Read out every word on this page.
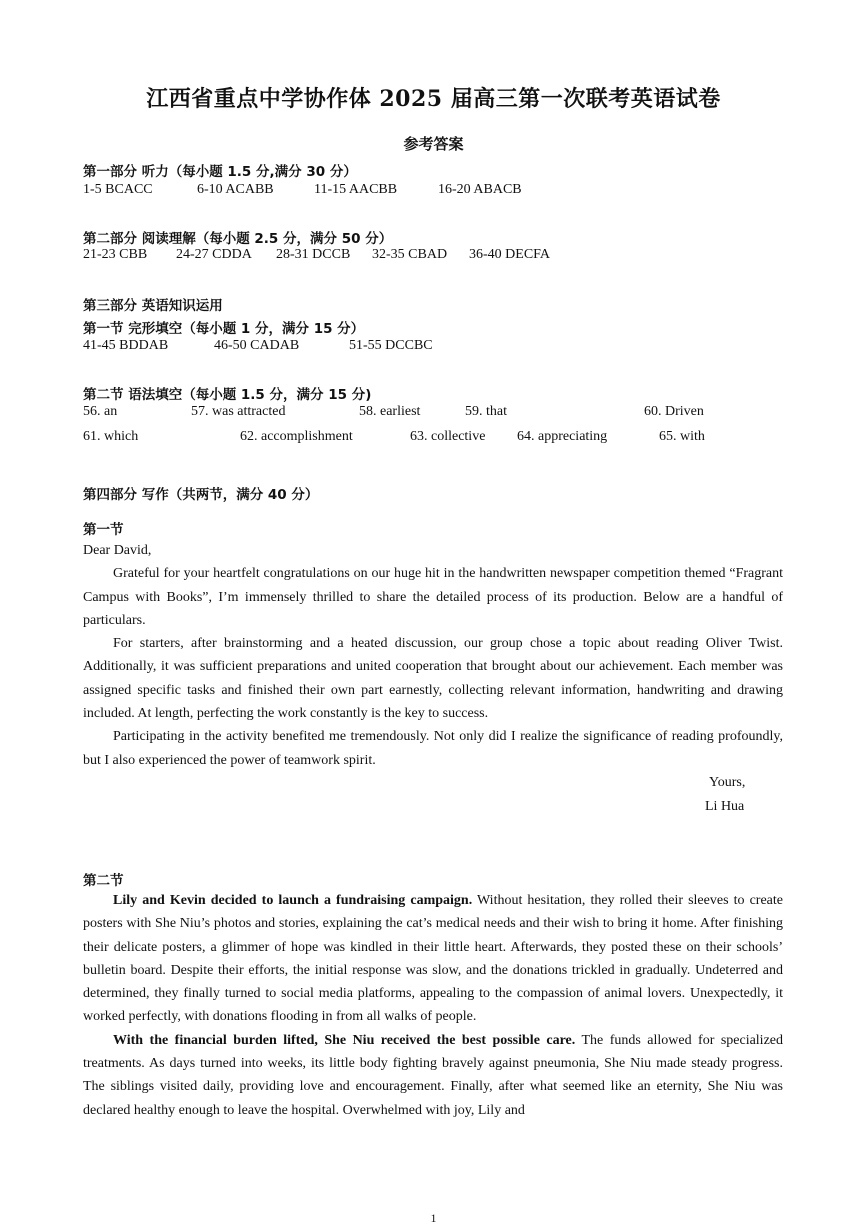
江西省重点中学协作体 2025 届高三第一次联考英语试卷
参考答案
第一部分 听力（每小题 1.5 分,满分 30 分）
1-5 BCACC	6-10 ACABB	11-15 AACBB	16-20 ABACB
第二部分 阅读理解（每小题 2.5 分，满分 50 分）
21-23 CBB 24-27 CDDA 28-31 DCCB 32-35 CBAD 36-40 DECFA
第三部分 英语知识运用
第一节 完形填空（每小题 1 分，满分 15 分）
41-45 BDDAB	46-50 CADAB	51-55 DCCBC
第二节 语法填空（每小题 1.5 分，满分 15 分)
56. an	57. was attracted	58. earliest	59. that	60. Driven
61. which	62. accomplishment	63. collective 64. appreciating	65. with
第四部分 写作（共两节，满分 40 分）
第一节

Dear David,

Grateful for your heartfelt congratulations on our huge hit in the handwritten newspaper competition themed “Fragrant Campus with Books”, I’m immensely thrilled to share the detailed process of its production. Below are a handful of particulars.

For starters, after brainstorming and a heated discussion, our group chose a topic about reading Oliver Twist. Additionally, it was sufficient preparations and united cooperation that brought about our achievement. Each member was assigned specific tasks and finished their own part earnestly, collecting relevant information, handwriting and drawing included. At length, perfecting the work constantly is the key to success.

Participating in the activity benefited me tremendously. Not only did I realize the significance of reading profoundly, but I also experienced the power of teamwork spirit.

Yours,
Li Hua
第二节

Lily and Kevin decided to launch a fundraising campaign. Without hesitation, they rolled their sleeves to create posters with She Niu’s photos and stories, explaining the cat’s medical needs and their wish to bring it home. After finishing their delicate posters, a glimmer of hope was kindled in their little heart. Afterwards, they posted these on their schools’ bulletin board. Despite their efforts, the initial response was slow, and the donations trickled in gradually. Undeterred and determined, they finally turned to social media platforms, appealing to the compassion of animal lovers. Unexpectedly, it worked perfectly, with donations flooding in from all walks of people.

With the financial burden lifted, She Niu received the best possible care. The funds allowed for specialized treatments. As days turned into weeks, its little body fighting bravely against pneumonia, She Niu made steady progress. The siblings visited daily, providing love and encouragement. Finally, after what seemed like an eternity, She Niu was declared healthy enough to leave the hospital. Overwhelmed with joy, Lily and

1
